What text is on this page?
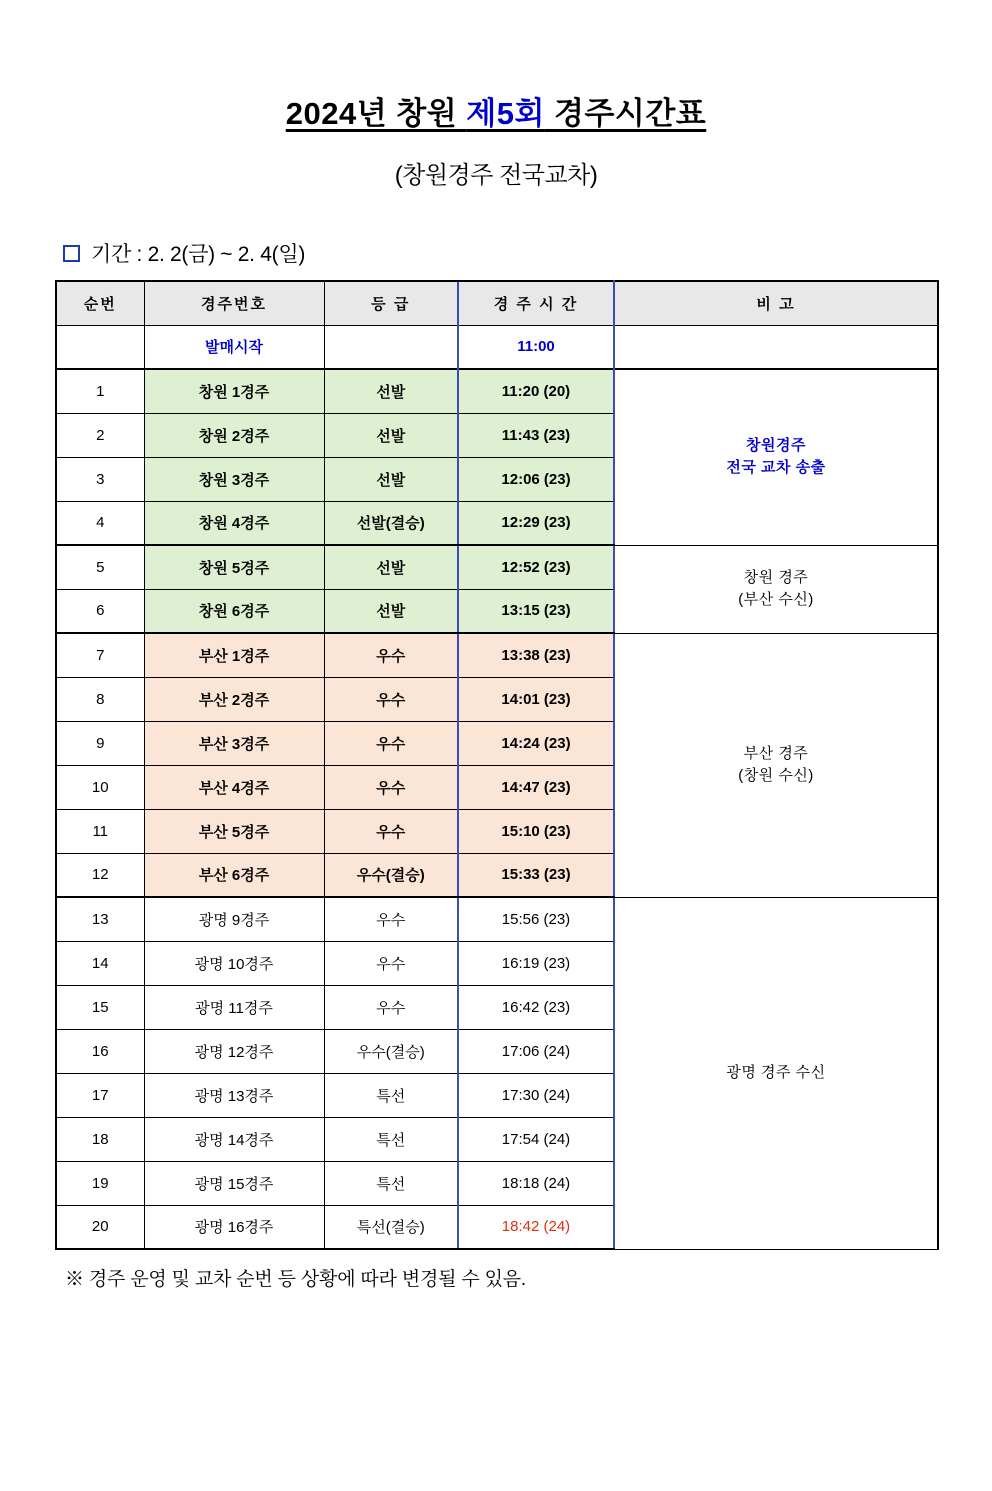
2024년 창원 제5회 경주시간표
(창원경주 전국교차)
기간 : 2. 2(금) ~ 2. 4(일)
순번	경주번호	등 급	경 주 시 간	비 고	
	발매시작		11:00		
1	창원 1경주	선발	11:20 (20)	창원경주
전국 교차 송출	

2	창원 2경주	선발	11:43 (23)		
3	창원 3경주	선발	12:06 (23)		
4	창원 4경주	선발(결승)	12:29 (23)		
5	창원 5경주	선발	12:52 (23)	창원 경주
(부산 수신)	

6	창원 6경주	선발	13:15 (23)		
7	부산 1경주	우수	13:38 (23)	부산 경주
(창원 수신)	

8	부산 2경주	우수	14:01 (23)		
9	부산 3경주	우수	14:24 (23)		
10	부산 4경주	우수	14:47 (23)		
11	부산 5경주	우수	15:10 (23)		
12	부산 6경주	우수(결승)	15:33 (23)		
13	광명 9경주	우수	15:56 (23)	광명 경주 수신	

14	광명 10경주	우수	16:19 (23)		
15	광명 11경주	우수	16:42 (23)		
16	광명 12경주	우수(결승)	17:06 (24)		
17	광명 13경주	특선	17:30 (24)		
18	광명 14경주	특선	17:54 (24)		
19	광명 15경주	특선	18:18 (24)		
20	광명 16경주	특선(결승)	18:42 (24)		
※ 경주 운영 및 교차 순번 등 상황에 따라 변경될 수 있음.
